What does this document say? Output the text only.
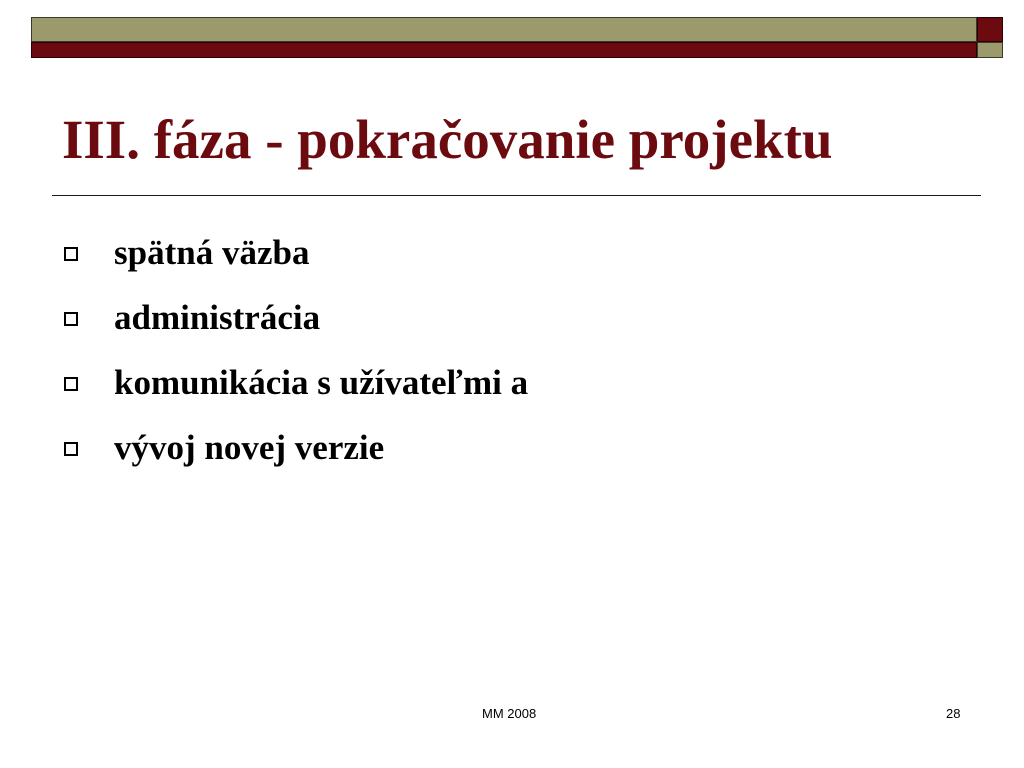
III. fáza - pokračovanie projektu
spätná väzba
administrácia
komunikácia s užívateľmi a
vývoj novej verzie
MM 2008	28
